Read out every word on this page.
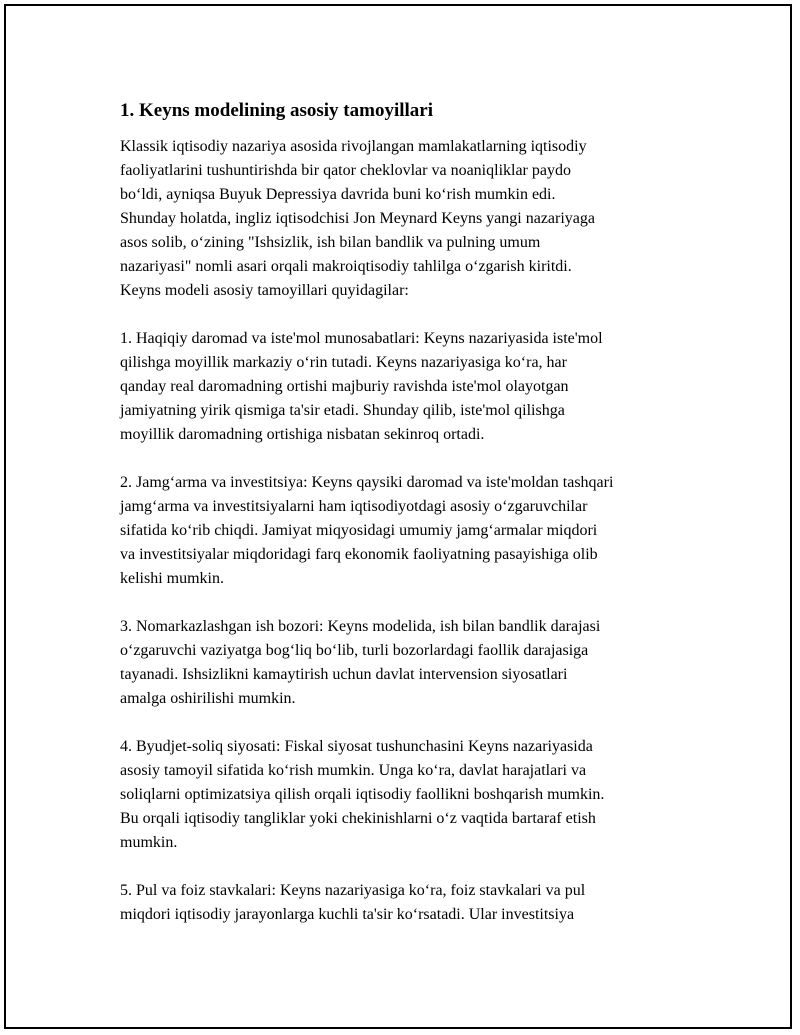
1. Keyns modelining asosiy tamoyillari

Klassik iqtisodiy nazariya asosida rivojlangan mamlakatlarning iqtisodiy
faoliyatlarini tushuntirishda bir qator cheklovlar va noaniqliklar paydo
bo‘ldi, ayniqsa Buyuk Depressiya davrida buni ko‘rish mumkin edi.
Shunday holatda, ingliz iqtisodchisi Jon Meynard Keyns yangi nazariyaga
asos solib, o‘zining "Ishsizlik, ish bilan bandlik va pulning umum
nazariyasi" nomli asari orqali makroiqtisodiy tahlilga o‘zgarish kiritdi.
Keyns modeli asosiy tamoyillari quyidagilar:

1. Haqiqiy daromad va iste'mol munosabatlari: Keyns nazariyasida iste'mol
qilishga moyillik markaziy o‘rin tutadi. Keyns nazariyasiga ko‘ra, har
qanday real daromadning ortishi majburiy ravishda iste'mol olayotgan
jamiyatning yirik qismiga ta'sir etadi. Shunday qilib, iste'mol qilishga
moyillik daromadning ortishiga nisbatan sekinroq ortadi.

2. Jamg‘arma va investitsiya: Keyns qaysiki daromad va iste'moldan tashqari
jamg‘arma va investitsiyalarni ham iqtisodiyotdagi asosiy o‘zgaruvchilar
sifatida ko‘rib chiqdi. Jamiyat miqyosidagi umumiy jamg‘armalar miqdori
va investitsiyalar miqdoridagi farq ekonomik faoliyatning pasayishiga olib
kelishi mumkin.

3. Nomarkazlashgan ish bozori: Keyns modelida, ish bilan bandlik darajasi
o‘zgaruvchi vaziyatga bog‘liq bo‘lib, turli bozorlardagi faollik darajasiga
tayanadi. Ishsizlikni kamaytirish uchun davlat intervension siyosatlari
amalga oshirilishi mumkin.

4. Byudjet-soliq siyosati: Fiskal siyosat tushunchasini Keyns nazariyasida
asosiy tamoyil sifatida ko‘rish mumkin. Unga ko‘ra, davlat harajatlari va
soliqlarni optimizatsiya qilish orqali iqtisodiy faollikni boshqarish mumkin.
Bu orqali iqtisodiy tangliklar yoki chekinishlarni o‘z vaqtida bartaraf etish
mumkin.

5. Pul va foiz stavkalari: Keyns nazariyasiga ko‘ra, foiz stavkalari va pul
miqdori iqtisodiy jarayonlarga kuchli ta'sir ko‘rsatadi. Ular investitsiya
